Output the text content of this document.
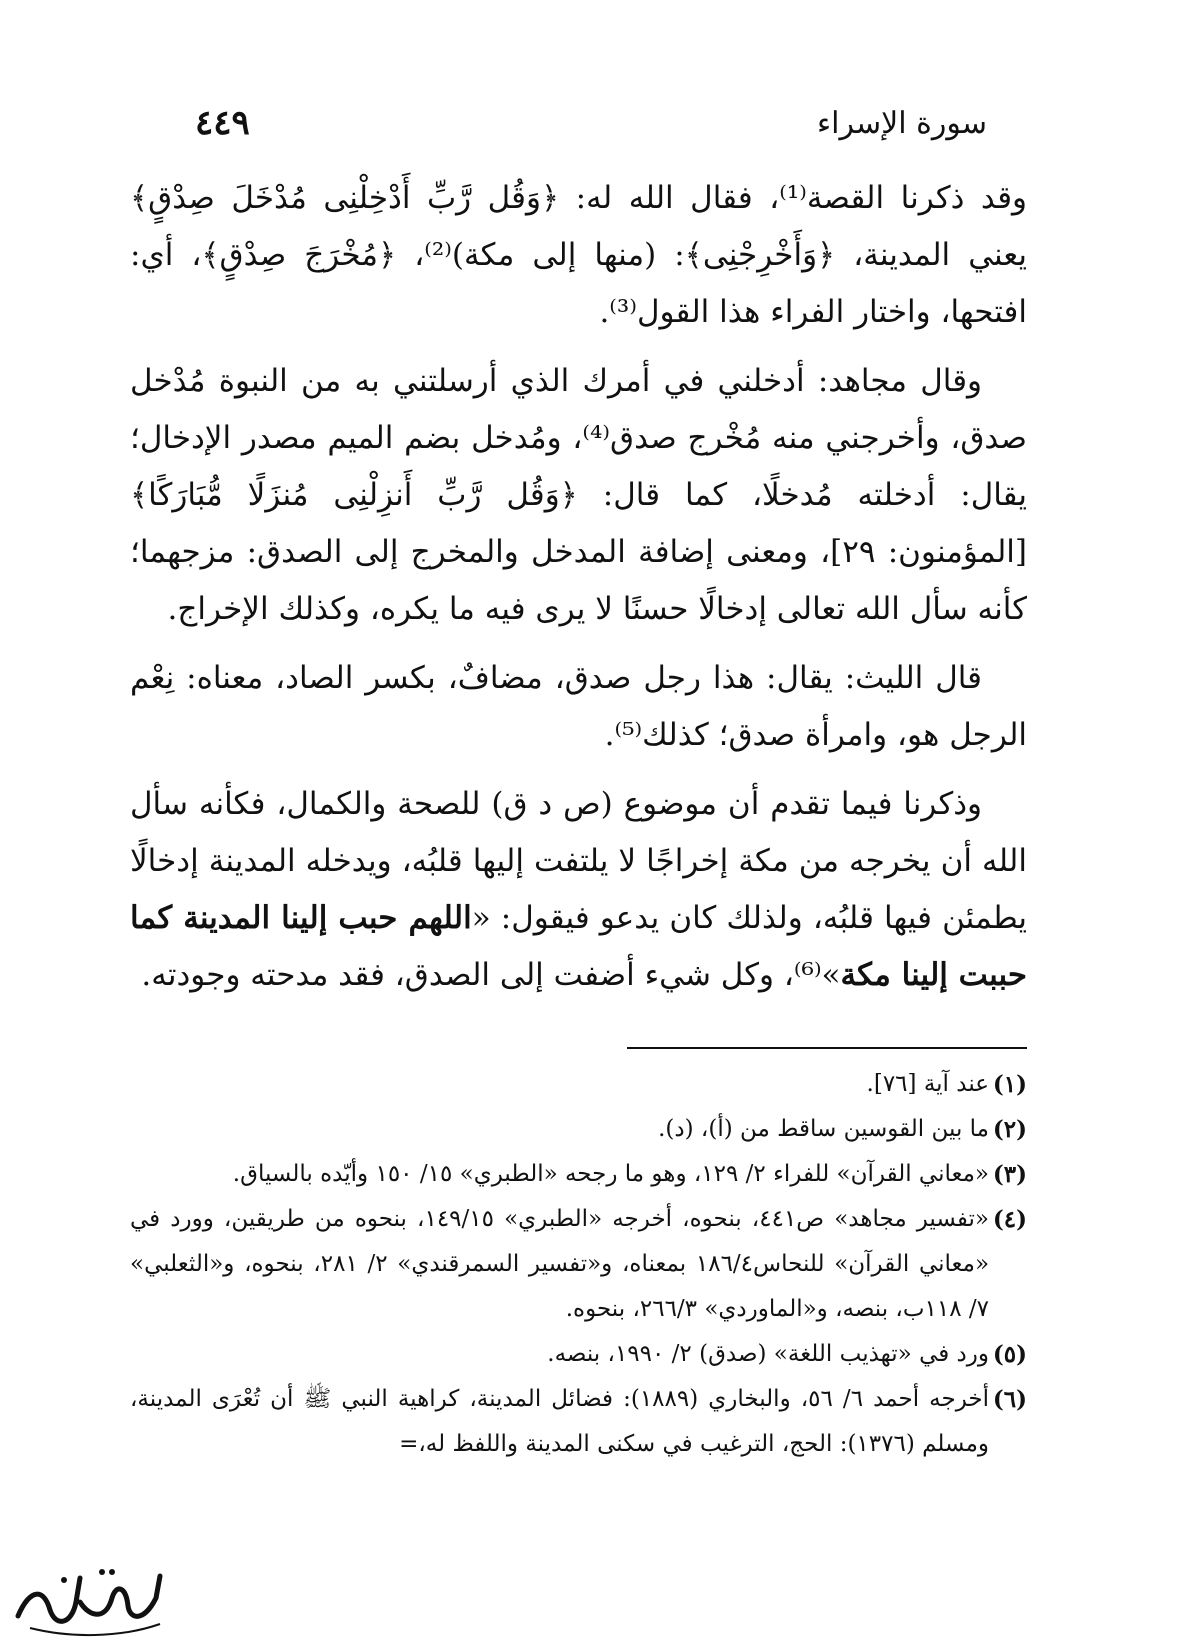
سورة الإسراء
٤٤٩

وقد ذكرنا القصة⁽¹⁾، فقال الله له: ﴿وَقُل رَّبِّ أَدْخِلْنِى مُدْخَلَ صِدْقٍ﴾ يعني المدينة، ﴿وَأَخْرِجْنِى﴾: (منها إلى مكة)⁽²⁾، ﴿مُخْرَجَ صِدْقٍ﴾، أي: افتحها، واختار الفراء هذا القول⁽³⁾.

وقال مجاهد: أدخلني في أمرك الذي أرسلتني به من النبوة مُدْخل صدق، وأخرجني منه مُخْرج صدق⁽⁴⁾، ومُدخل بضم الميم مصدر الإدخال؛ يقال: أدخلته مُدخلًا، كما قال: ﴿وَقُل رَّبِّ أَنزِلْنِى مُنزَلًا مُّبَارَكًا﴾ [المؤمنون: ٢٩]، ومعنى إضافة المدخل والمخرج إلى الصدق: مزجهما؛ كأنه سأل الله تعالى إدخالًا حسنًا لا يرى فيه ما يكره، وكذلك الإخراج.

قال الليث: يقال: هذا رجل صدق، مضافٌ، بكسر الصاد، معناه: نِعْم الرجل هو، وامرأة صدق؛ كذلك⁽⁵⁾.

وذكرنا فيما تقدم أن موضوع (ص د ق) للصحة والكمال، فكأنه سأل الله أن يخرجه من مكة إخراجًا لا يلتفت إليها قلبُه، ويدخله المدينة إدخالًا يطمئن فيها قلبُه، ولذلك كان يدعو فيقول: «اللهم حبب إلينا المدينة كما حببت إلينا مكة»⁽⁶⁾، وكل شيء أضفت إلى الصدق، فقد مدحته وجودته.

(١)
عند آية [٧٦].
(٢)
ما بين القوسين ساقط من (أ)، (د).
(٣)
«معاني القرآن» للفراء ٢/ ١٢٩، وهو ما رجحه «الطبري» ١٥/ ١٥٠ وأيّده بالسياق.
(٤)
«تفسير مجاهد» ص٤٤١، بنحوه، أخرجه «الطبري» ١٤٩/١٥، بنحوه من طريقين، وورد في «معاني القرآن» للنحاس١٨٦/٤ بمعناه، و«تفسير السمرقندي» ٢/ ٢٨١، بنحوه، و«الثعلبي» ٧/ ١١٨ب، بنصه، و«الماوردي» ٢٦٦/٣، بنحوه.
(٥)
ورد في «تهذيب اللغة» (صدق) ٢/ ١٩٩٠، بنصه.
(٦)
أخرجه أحمد ٦/ ٥٦، والبخاري (١٨٨٩): فضائل المدينة، كراهية النبي ﷺ أن تُعْرَى المدينة، ومسلم (١٣٧٦): الحج، الترغيب في سكنى المدينة واللفظ له،=
